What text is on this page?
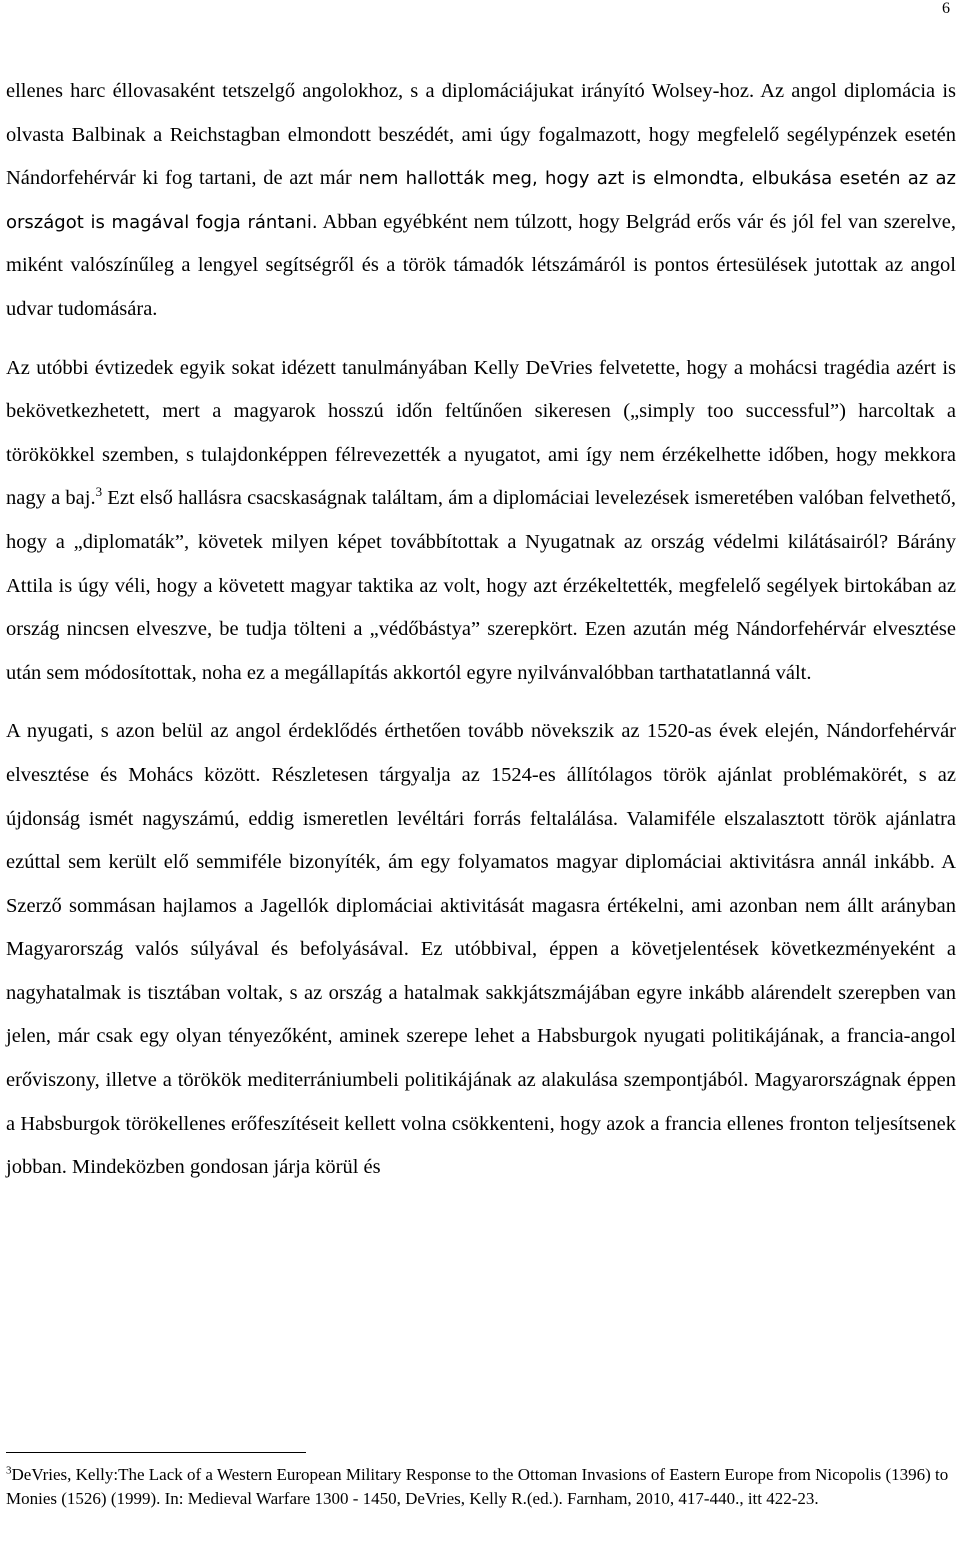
6

ellenes harc éllovasaként tetszelgő angolokhoz, s a diplomáciájukat irányító Wolsey-hoz. Az angol diplomácia is olvasta Balbinak a Reichstagban elmondott beszédét, ami úgy fogalmazott, hogy megfelelő segélypénzek esetén Nándorfehérvár ki fog tartani, de azt már nem hallották meg, hogy azt is elmondta, elbukása esetén az az országot is magával fogja rántani. Abban egyébként nem túlzott, hogy Belgrád erős vár és jól fel van szerelve, miként valószínűleg a lengyel segítségről és a török támadók létszámáról is pontos értesülések jutottak az angol udvar tudomására.

Az utóbbi évtizedek egyik sokat idézett tanulmányában Kelly DeVries felvetette, hogy a mohácsi tragédia azért is bekövetkezhetett, mert a magyarok hosszú időn feltűnően sikeresen („simply too successful”) harcoltak a törökökkel szemben, s tulajdonképpen félrevezették a nyugatot, ami így nem érzékelhette időben, hogy mekkora nagy a baj.$^3$ Ezt első hallásra csacskaságnak találtam, ám a diplomáciai levelezések ismeretében valóban felvethető, hogy a „diplomaták”, követek milyen képet továbbítottak a Nyugatnak az ország védelmi kilátásairól? Bárány Attila is úgy véli, hogy a követett magyar taktika az volt, hogy azt érzékeltették, megfelelő segélyek birtokában az ország nincsen elveszve, be tudja tölteni a „védőbástya” szerepkört. Ezen azután még Nándorfehérvár elvesztése után sem módosítottak, noha ez a megállapítás akkortól egyre nyilvánvalóbban tarthatatlanná vált.

A nyugati, s azon belül az angol érdeklődés érthetően tovább növekszik az 1520-as évek elején, Nándorfehérvár elvesztése és Mohács között. Részletesen tárgyalja az 1524-es állítólagos török ajánlat problémakörét, s az újdonság ismét nagyszámú, eddig ismeretlen levéltári forrás feltalálása. Valamiféle elszalasztott török ajánlatra ezúttal sem került elő semmiféle bizonyíték, ám egy folyamatos magyar diplomáciai aktivitásra annál inkább. A Szerző sommásan hajlamos a Jagellók diplomáciai aktivitását magasra értékelni, ami azonban nem állt arányban Magyarország valós súlyával és befolyásával. Ez utóbbival, éppen a követjelentések következményeként a nagyhatalmak is tisztában voltak, s az ország a hatalmak sakkjátszmájában egyre inkább alárendelt szerepben van jelen, már csak egy olyan tényezőként, aminek szerepe lehet a Habsburgok nyugati politikájának, a francia-angol erőviszony, illetve a törökök mediterrániumbeli politikájának az alakulása szempontjából. Magyarországnak éppen a Habsburgok törökellenes erőfeszítéseit kellett volna csökkenteni, hogy azok a francia ellenes fronton teljesítsenek jobban. Mindeközben gondosan járja körül és

$^3$DeVries, Kelly:The Lack of a Western European Military Response to the Ottoman Invasions of Eastern Europe from Nicopolis (1396) to Monies (1526) (1999). In: Medieval Warfare 1300 - 1450, DeVries, Kelly R.(ed.). Farnham, 2010, 417-440., itt 422-23.
